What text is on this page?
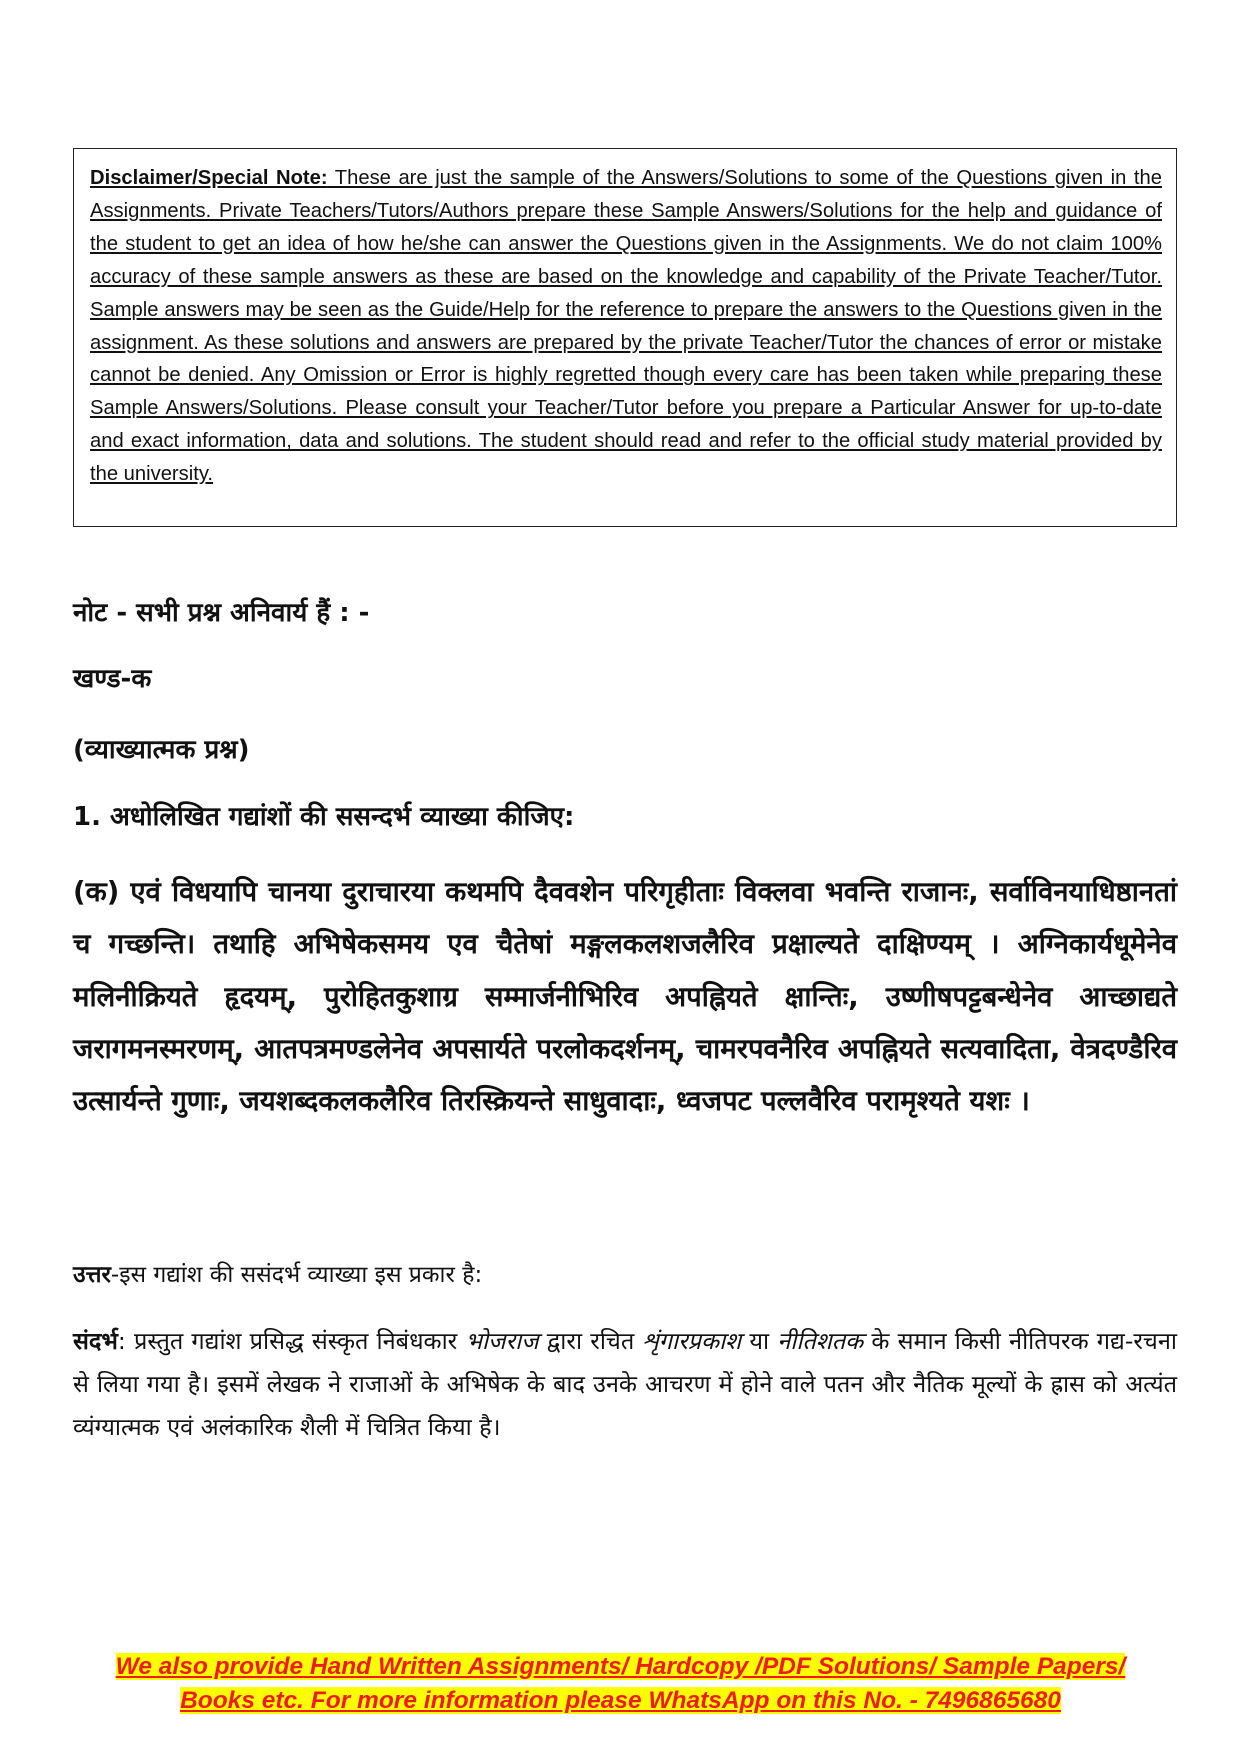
Disclaimer/Special Note: These are just the sample of the Answers/Solutions to some of the Questions given in the Assignments. Private Teachers/Tutors/Authors prepare these Sample Answers/Solutions for the help and guidance of the student to get an idea of how he/she can answer the Questions given in the Assignments. We do not claim 100% accuracy of these sample answers as these are based on the knowledge and capability of the Private Teacher/Tutor. Sample answers may be seen as the Guide/Help for the reference to prepare the answers to the Questions given in the assignment. As these solutions and answers are prepared by the private Teacher/Tutor the chances of error or mistake cannot be denied. Any Omission or Error is highly regretted though every care has been taken while preparing these Sample Answers/Solutions. Please consult your Teacher/Tutor before you prepare a Particular Answer for up-to-date and exact information, data and solutions. The student should read and refer to the official study material provided by the university.
नोट - सभी प्रश्न अनिवार्य हैं : -
खण्ड-क
(व्याख्यात्मक प्रश्न)
1. अधोलिखित गद्यांशों की ससन्दर्भ व्याख्या कीजिए:
(क) एवं विधयापि चानया दुराचारया कथमपि दैववशेन परिगृहीताः विक्लवा भवन्ति राजानः, सर्वाविनयाधिष्ठानतां च गच्छन्ति। तथाहि अभिषेकसमय एव चैतेषां मङ्गलकलशजलैरिव प्रक्षाल्यते दाक्षिण्यम् । अग्निकार्यधूमेनेव मलिनीक्रियते हृदयम्, पुरोहितकुशाग्र सम्मार्जनीभिरिव अपह्नियते क्षान्तिः, उष्णीषपट्टबन्धेनेव आच्छाद्यते जरागमनस्मरणम्, आतपत्रमण्डलेनेव अपसार्यते परलोकदर्शनम्, चामरपवनैरिव अपह्नियते सत्यवादिता, वेत्रदण्डैरिव उत्सार्यन्ते गुणाः, जयशब्दकलकलैरिव तिरस्क्रियन्ते साधुवादाः, ध्वजपट पल्लवैरिव परामृश्यते यशः ।
उत्तर-इस गद्यांश की ससंदर्भ व्याख्या इस प्रकार है:
संदर्भ: प्रस्तुत गद्यांश प्रसिद्ध संस्कृत निबंधकार भोजराज द्वारा रचित शृंगारप्रकाश या नीतिशतक के समान किसी नीतिपरक गद्य-रचना से लिया गया है। इसमें लेखक ने राजाओं के अभिषेक के बाद उनके आचरण में होने वाले पतन और नैतिक मूल्यों के ह्रास को अत्यंत व्यंग्यात्मक एवं अलंकारिक शैली में चित्रित किया है।
We also provide Hand Written Assignments/ Hardcopy /PDF Solutions/ Sample Papers/
Books etc. For more information please WhatsApp on this No. - 7496865680
